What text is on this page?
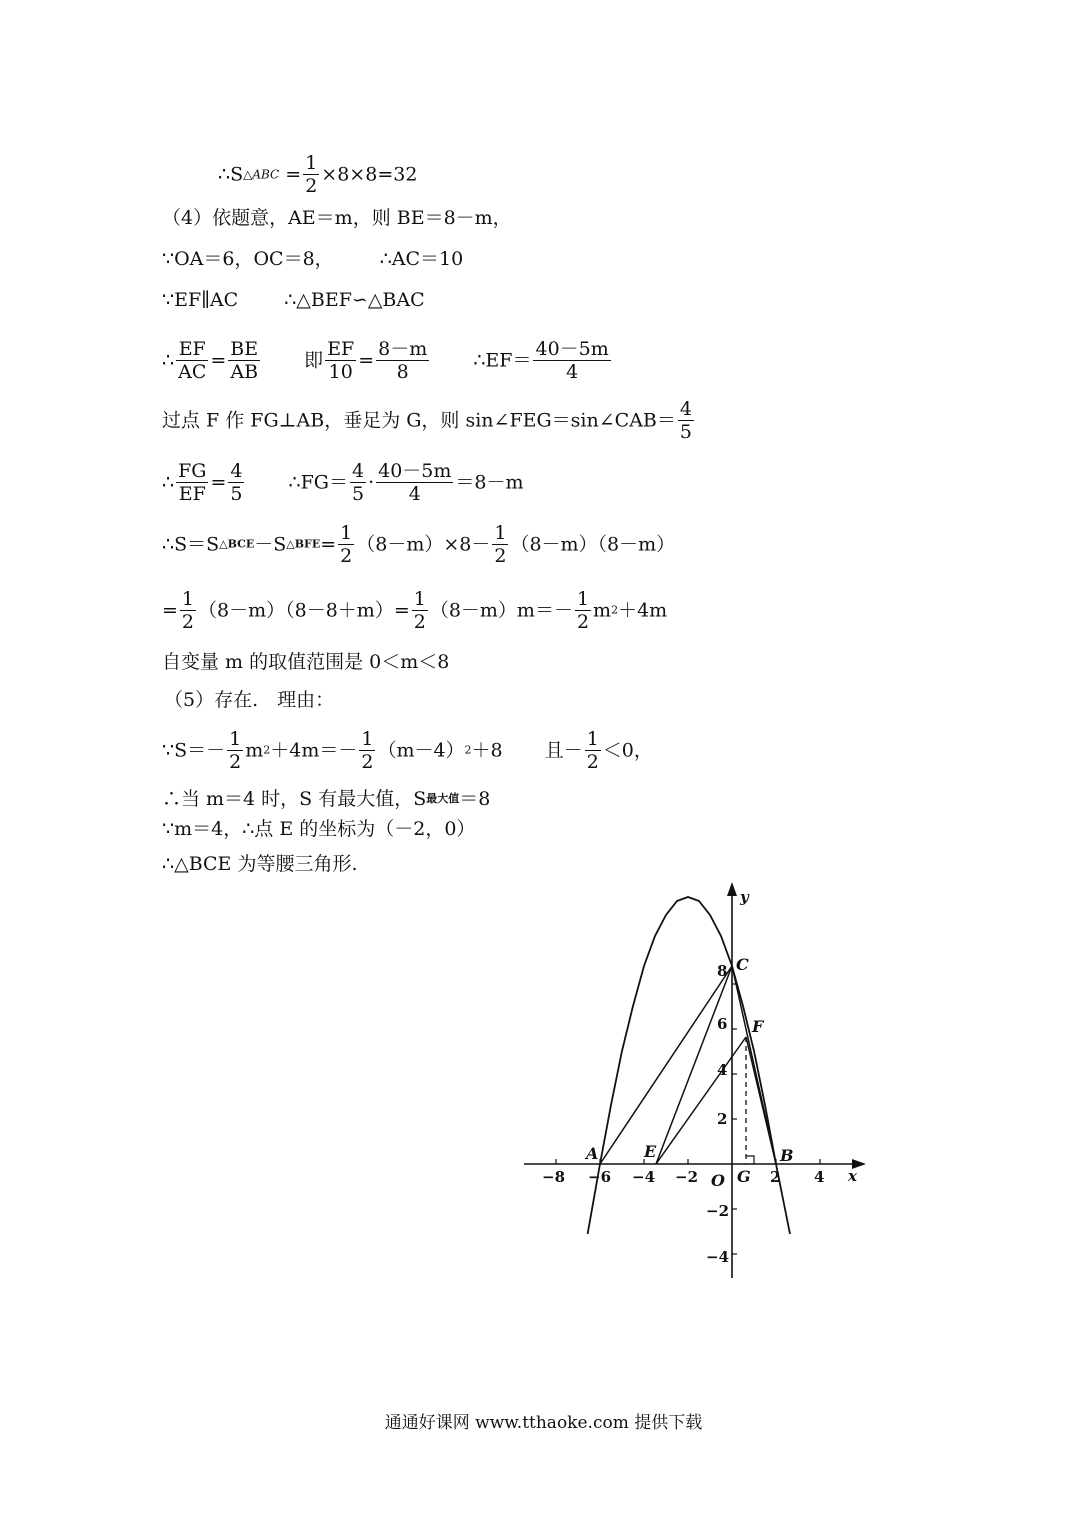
∴S△ABC = $\frac{1}{2} \times 8\times 8=32$
（4）依题意，AE＝m，则 BE＝8－m，
∵OA＝6，OC＝8， ∴AC＝10
∵EF∥AC ∴△BEF∽△BAC
∴ $\frac{EF}{AC} = \frac{BE}{AB}$ 即 $\frac{EF}{10} = \frac{8-m}{8}$ ∴EF＝ $\frac{40-5m}{4}$
过点 F 作 FG⊥AB，垂足为 G，则 sin∠FEG＝sin∠CAB＝ $\frac{4}{5}$
∴ $\frac{FG}{EF} = \frac{4}{5}$ ∴FG＝ $\frac{4}{5} \cdot \frac{40-5m}{4} =8-m$
∴S＝S△BCE－S△BFE= $\frac{1}{2} (8-m)\times 8- \frac{1}{2} (8-m)(8-m)$
= $\frac{1}{2} (8-m)(8-8+m)= \frac{1}{2} (8-m)m=- \frac{1}{2} m2+4m$
自变量 m 的取值范围是 0＜m＜8
（5）存在.　理由：
∵S＝－ $\frac{1}{2} m2+4m=- \frac{1}{2} (m-4)2+8$ 且－ $\frac{1}{2} <0$，
∴当 m＝4 时，S 有最大值，S最大值＝8
∵m＝4，∴点 E 的坐标为（－2，0）
∴△BCE 为等腰三角形.
x
y
O
−8 −6 −4 −2	2 4
8
6
4
2
−2
−4
A	B
C
E
F
G
通通好课网 www.tthaoke.com 提供下载
